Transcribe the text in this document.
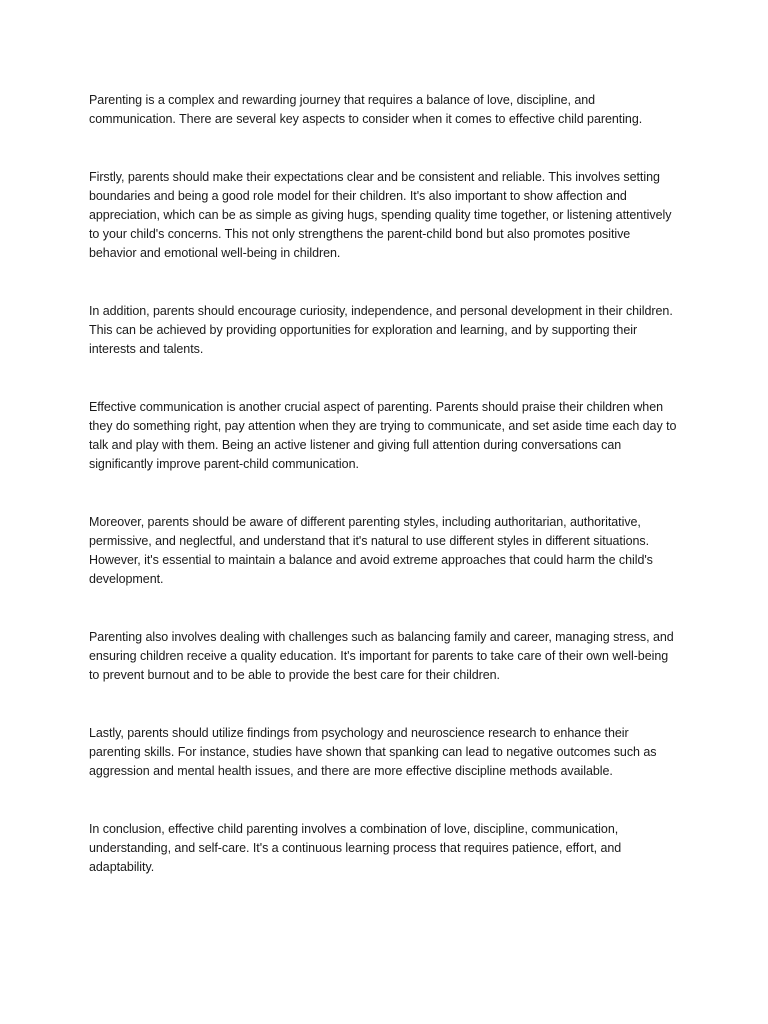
Parenting is a complex and rewarding journey that requires a balance of love, discipline, and communication. There are several key aspects to consider when it comes to effective child parenting.

Firstly, parents should make their expectations clear and be consistent and reliable. This involves setting boundaries and being a good role model for their children. It's also important to show affection and appreciation, which can be as simple as giving hugs, spending quality time together, or listening attentively to your child's concerns. This not only strengthens the parent-child bond but also promotes positive behavior and emotional well-being in children.

In addition, parents should encourage curiosity, independence, and personal development in their children. This can be achieved by providing opportunities for exploration and learning, and by supporting their interests and talents.

Effective communication is another crucial aspect of parenting. Parents should praise their children when they do something right, pay attention when they are trying to communicate, and set aside time each day to talk and play with them. Being an active listener and giving full attention during conversations can significantly improve parent-child communication.

Moreover, parents should be aware of different parenting styles, including authoritarian, authoritative, permissive, and neglectful, and understand that it's natural to use different styles in different situations. However, it's essential to maintain a balance and avoid extreme approaches that could harm the child's development.

Parenting also involves dealing with challenges such as balancing family and career, managing stress, and ensuring children receive a quality education. It's important for parents to take care of their own well-being to prevent burnout and to be able to provide the best care for their children.

Lastly, parents should utilize findings from psychology and neuroscience research to enhance their parenting skills. For instance, studies have shown that spanking can lead to negative outcomes such as aggression and mental health issues, and there are more effective discipline methods available.

In conclusion, effective child parenting involves a combination of love, discipline, communication, understanding, and self-care. It's a continuous learning process that requires patience, effort, and adaptability.
